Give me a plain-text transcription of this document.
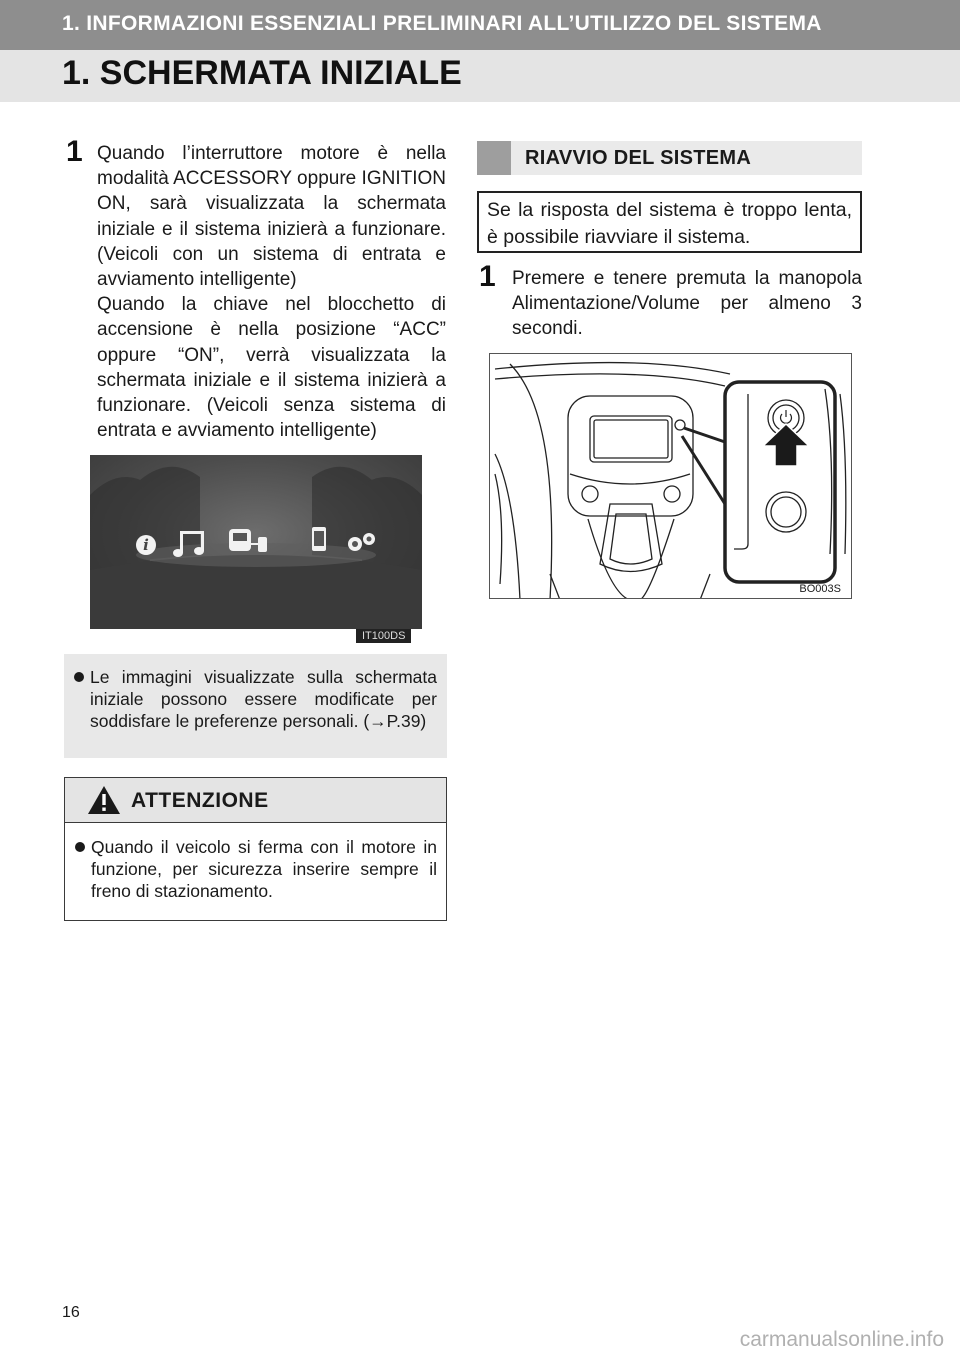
1. INFORMAZIONI ESSENZIALI PRELIMINARI ALL’UTILIZZO DEL SISTEMA
1. SCHERMATA INIZIALE
1 Quando l’interruttore motore è nella modalità ACCESSORY oppure IGNITION ON, sarà visualizzata la schermata iniziale e il sistema inizierà a funzionare. (Veicoli con un sistema di entrata e avviamento intelligente)
Quando la chiave nel blocchetto di accensione è nella posizione “ACC” oppure “ON”, verrà visualizzata la schermata iniziale e il sistema inizierà a funzionare. (Veicoli senza sistema di entrata e avviamento intelligente)
i
IT100DS
Le immagini visualizzate sulla schermata iniziale possono essere modificate per soddisfare le preferenze personali. (→P.39)
ATTENZIONE
Quando il veicolo si ferma con il motore in funzione, per sicurezza inserire sempre il freno di stazionamento.
RIAVVIO DEL SISTEMA
Se la risposta del sistema è troppo lenta, è possibile riavviare il sistema.
1 Premere e tenere premuta la manopola Alimentazione/Volume per almeno 3 secondi.
BO003S
16
carmanualsonline.info
